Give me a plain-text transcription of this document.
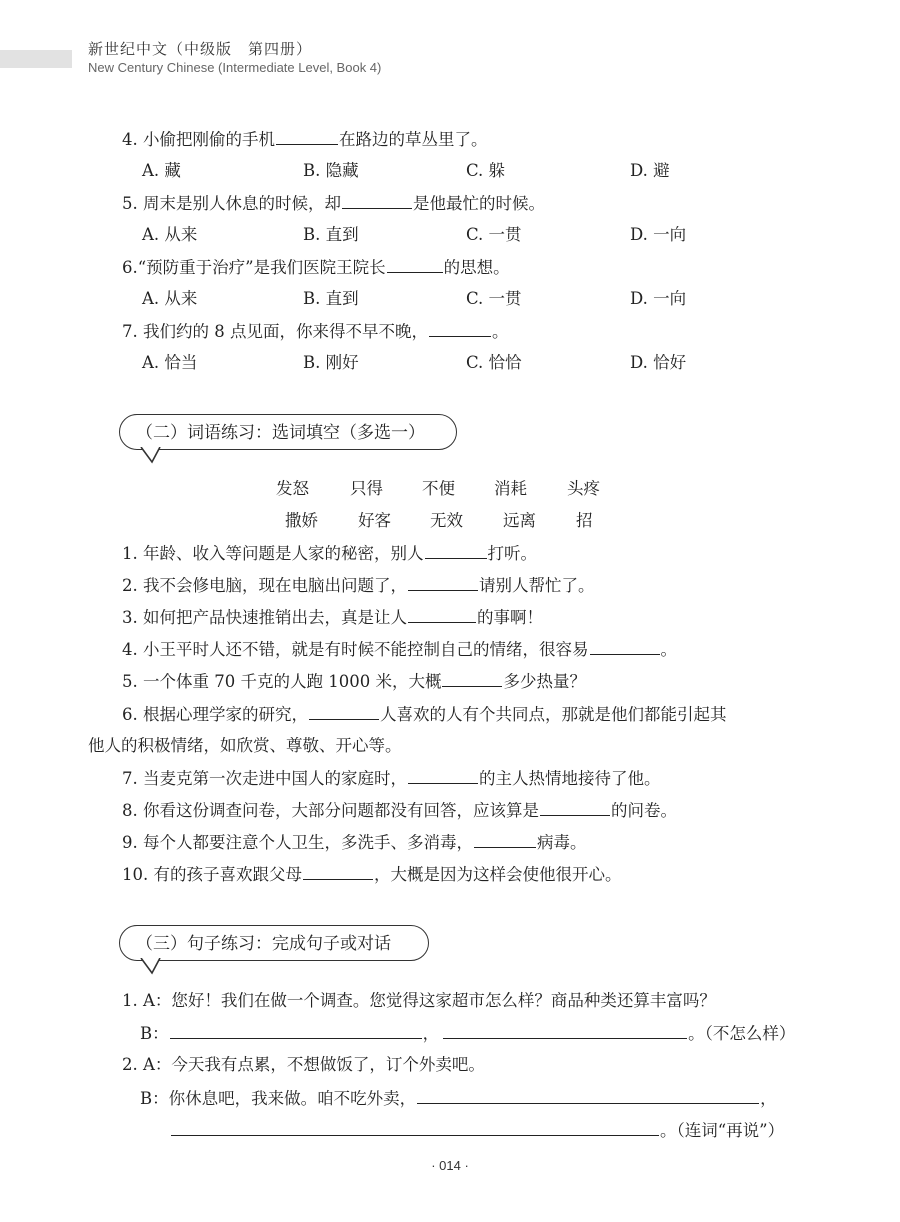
新世纪中文（中级版　第四册）
New Century Chinese (Intermediate Level, Book 4)
4. 小偷把刚偷的手机	在路边的草丛里了。
A. 藏	B. 隐藏	C. 躲	D. 避
5. 周末是别人休息的时候，却	是他最忙的时候。
A. 从来	B. 直到	C. 一贯	D. 一向
6.“预防重于治疗”是我们医院王院长	的思想。
A. 从来	B. 直到	C. 一贯	D. 一向
7. 我们约的 8 点见面，你来得不早不晚，	。
A. 恰当	B. 刚好	C. 恰恰	D. 恰好
（二）词语练习：选词填空（多选一）
发怒 只得 不便 消耗 头疼
撒娇 好客 无效 远离 招
1. 年龄、收入等问题是人家的秘密，别人	打听。
2. 我不会修电脑，现在电脑出问题了，	请别人帮忙了。
3. 如何把产品快速推销出去，真是让人	的事啊！
4. 小王平时人还不错，就是有时候不能控制自己的情绪，很容易	。
5. 一个体重 70 千克的人跑 1000 米，大概	多少热量？
6. 根据心理学家的研究，	人喜欢的人有个共同点，那就是他们都能引起其
他人的积极情绪，如欣赏、尊敬、开心等。
7. 当麦克第一次走进中国人的家庭时，	的主人热情地接待了他。
8. 你看这份调查问卷，大部分问题都没有回答，应该算是	的问卷。
9. 每个人都要注意个人卫生，多洗手、多消毒，	病毒。
10. 有的孩子喜欢跟父母	，大概是因为这样会使他很开心。
（三）句子练习：完成句子或对话
1. A：您好！我们在做一个调查。您觉得这家超市怎么样？商品种类还算丰富吗？
B：	，	。（不怎么样）
2. A：今天我有点累，不想做饭了，订个外卖吧。
B：你休息吧，我来做。咱不吃外卖，	，
。（连词“再说”）
· 014 ·
